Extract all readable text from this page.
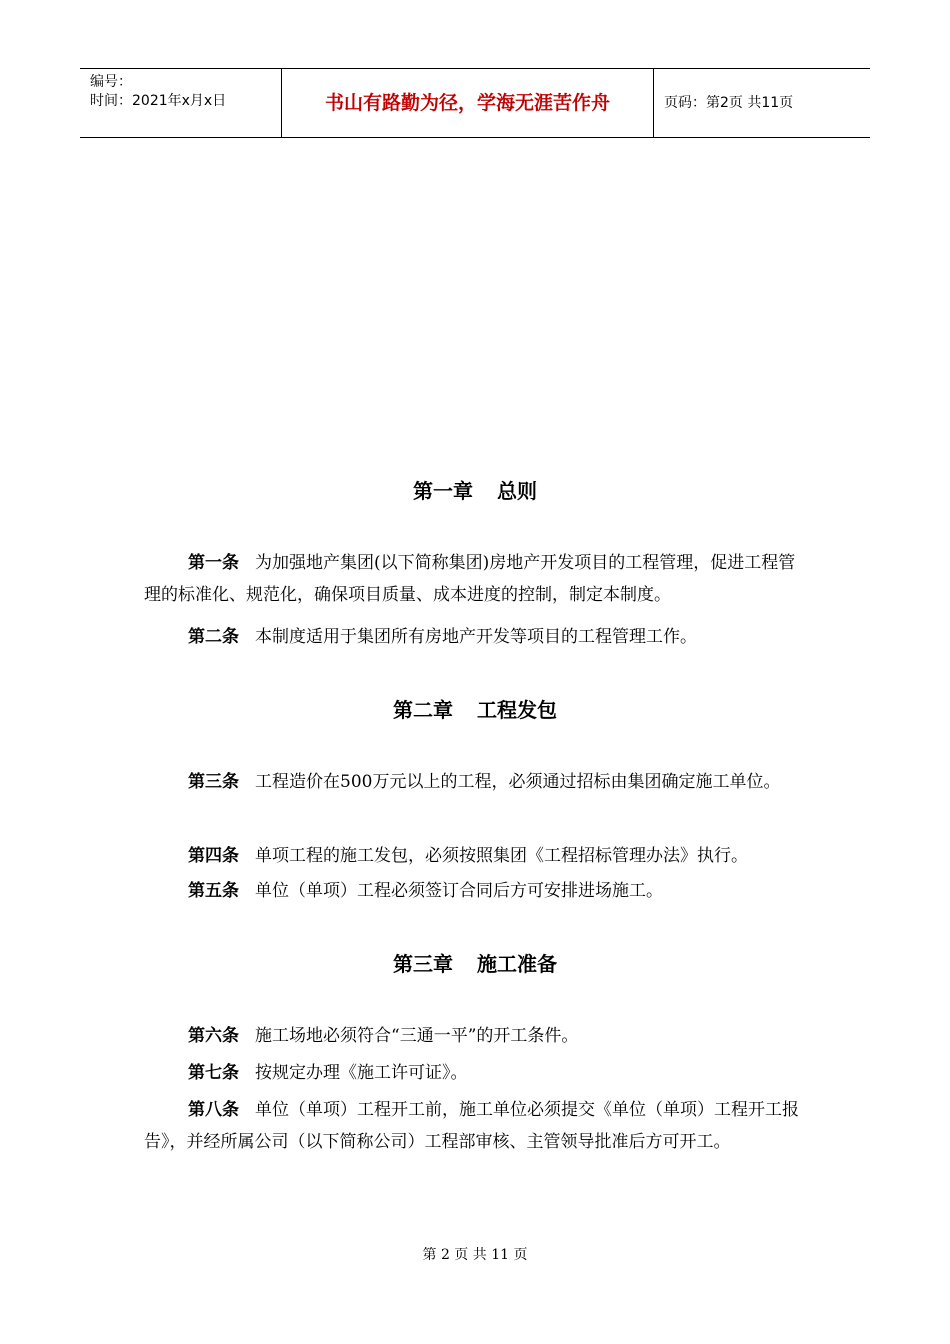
编号：
时间：2021年x月x日	书山有路勤为径，学海无涯苦作舟	页码：第2页 共11页
第一章 总则
第一条 为加强地产集团(以下简称集团)房地产开发项目的工程管理，促进工程管理的标准化、规范化，确保项目质量、成本进度的控制，制定本制度。
第二条 本制度适用于集团所有房地产开发等项目的工程管理工作。
第二章 工程发包
第三条 工程造价在500万元以上的工程，必须通过招标由集团确定施工单位。
第四条 单项工程的施工发包，必须按照集团《工程招标管理办法》执行。
第五条 单位（单项）工程必须签订合同后方可安排进场施工。
第三章 施工准备
第六条 施工场地必须符合“三通一平”的开工条件。
第七条 按规定办理《施工许可证》。
第八条 单位（单项）工程开工前，施工单位必须提交《单位（单项）工程开工报告》，并经所属公司（以下简称公司）工程部审核、主管领导批准后方可开工。
第 2 页 共 11 页
